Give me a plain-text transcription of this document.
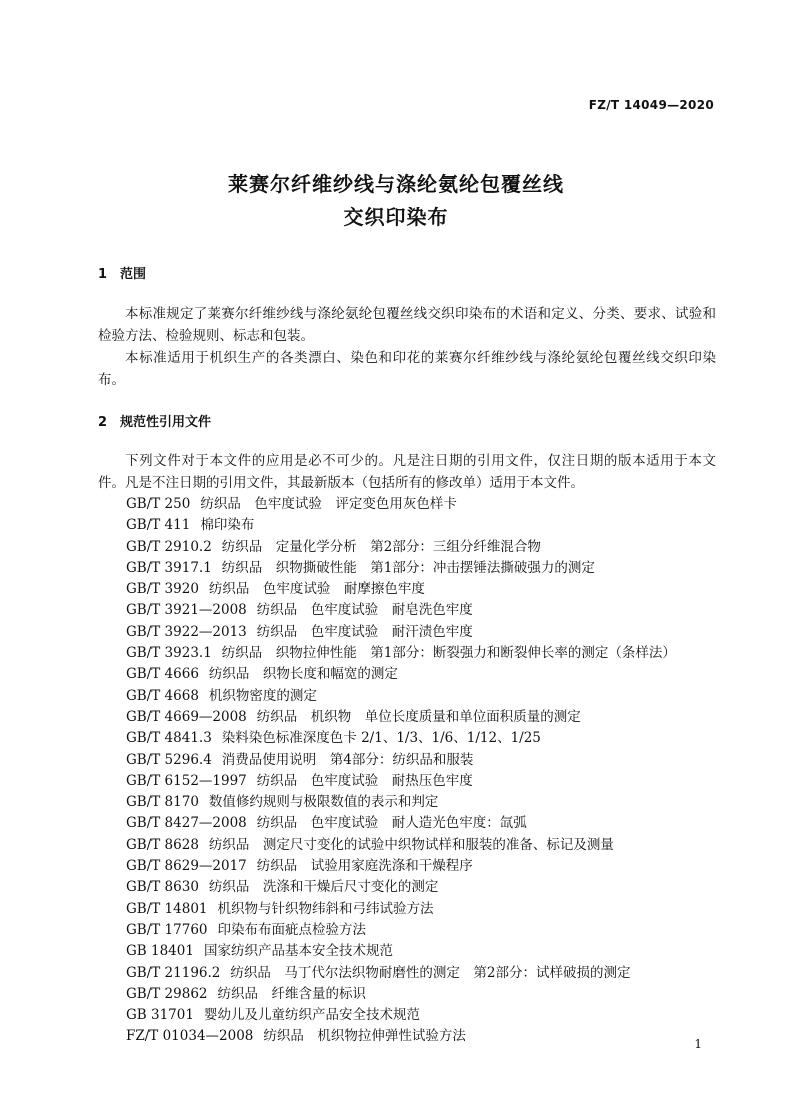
FZ/T 14049—2020
莱赛尔纤维纱线与涤纶氨纶包覆丝线
交织印染布
1 范围

本标准规定了莱赛尔纤维纱线与涤纶氨纶包覆丝线交织印染布的术语和定义、分类、要求、试验和检验方法、检验规则、标志和包装。

本标准适用于机织生产的各类漂白、染色和印花的莱赛尔纤维纱线与涤纶氨纶包覆丝线交织印染布。

2 规范性引用文件

下列文件对于本文件的应用是必不可少的。凡是注日期的引用文件，仅注日期的版本适用于本文件。凡是不注日期的引用文件，其最新版本（包括所有的修改单）适用于本文件。

GB/T 250 纺织品　色牢度试验　评定变色用灰色样卡
GB/T 411 棉印染布
GB/T 2910.2 纺织品　定量化学分析　第2部分：三组分纤维混合物
GB/T 3917.1 纺织品　织物撕破性能　第1部分：冲击摆锤法撕破强力的测定
GB/T 3920 纺织品　色牢度试验　耐摩擦色牢度
GB/T 3921—2008 纺织品　色牢度试验　耐皂洗色牢度
GB/T 3922—2013 纺织品　色牢度试验　耐汗渍色牢度
GB/T 3923.1 纺织品　织物拉伸性能　第1部分：断裂强力和断裂伸长率的测定（条样法）
GB/T 4666 纺织品　织物长度和幅宽的测定
GB/T 4668 机织物密度的测定
GB/T 4669—2008 纺织品　机织物　单位长度质量和单位面积质量的测定
GB/T 4841.3 染料染色标准深度色卡 2/1、1/3、1/6、1/12、1/25
GB/T 5296.4 消费品使用说明　第4部分：纺织品和服装
GB/T 6152—1997 纺织品　色牢度试验　耐热压色牢度
GB/T 8170 数值修约规则与极限数值的表示和判定
GB/T 8427—2008 纺织品　色牢度试验　耐人造光色牢度：氙弧
GB/T 8628 纺织品　测定尺寸变化的试验中织物试样和服装的准备、标记及测量
GB/T 8629—2017 纺织品　试验用家庭洗涤和干燥程序
GB/T 8630 纺织品　洗涤和干燥后尺寸变化的测定
GB/T 14801 机织物与针织物纬斜和弓纬试验方法
GB/T 17760 印染布布面疵点检验方法
GB 18401 国家纺织产品基本安全技术规范
GB/T 21196.2 纺织品　马丁代尔法织物耐磨性的测定　第2部分：试样破损的测定
GB/T 29862 纺织品　纤维含量的标识
GB 31701 婴幼儿及儿童纺织产品安全技术规范
FZ/T 01034—2008 纺织品　机织物拉伸弹性试验方法	1
